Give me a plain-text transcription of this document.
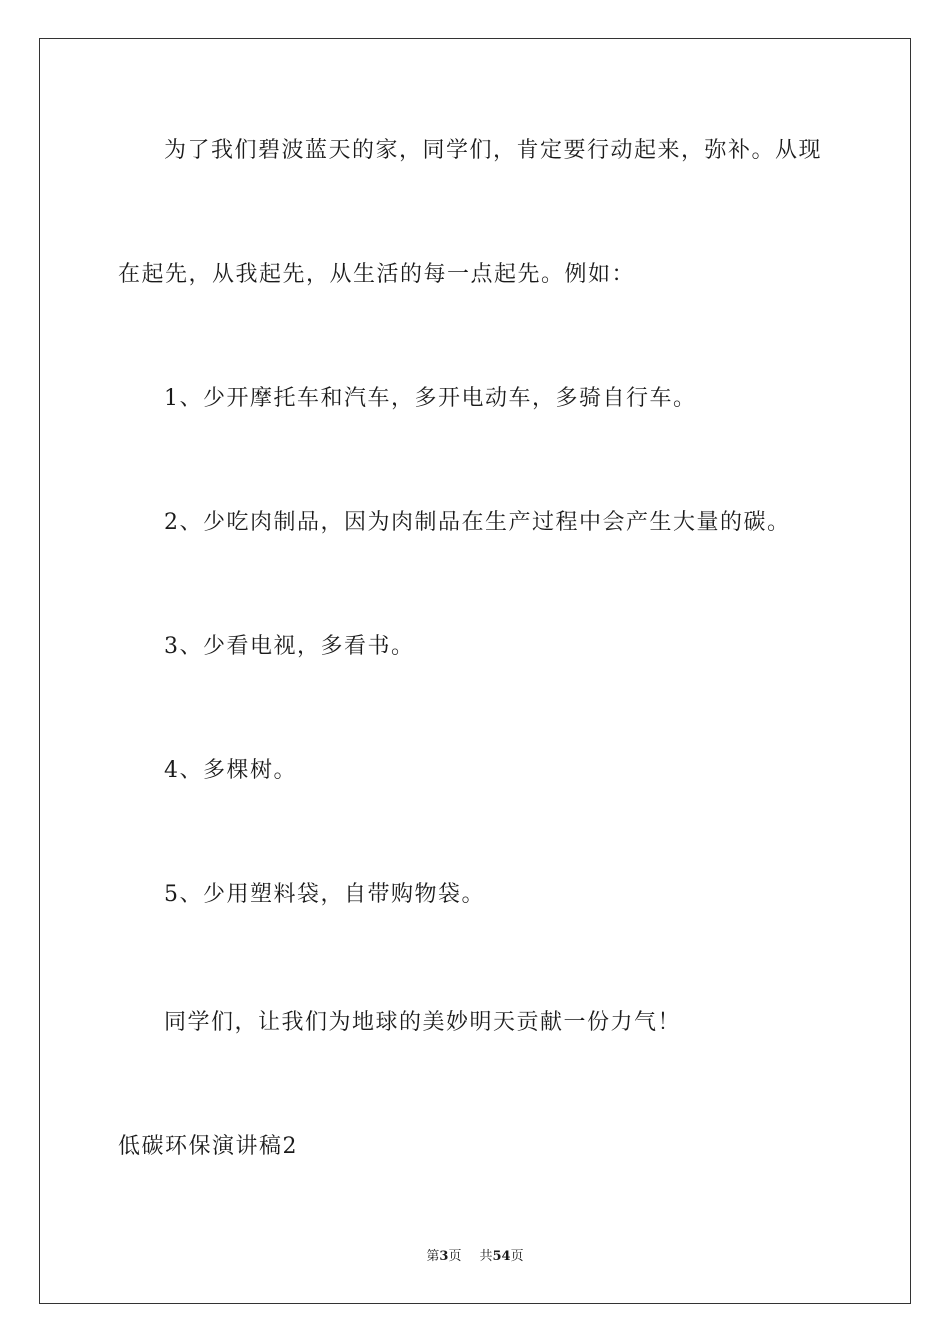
为了我们碧波蓝天的家，同学们，肯定要行动起来，弥补。从现
在起先，从我起先，从生活的每一点起先。例如：
1、少开摩托车和汽车，多开电动车，多骑自行车。
2、少吃肉制品，因为肉制品在生产过程中会产生大量的碳。
3、少看电视，多看书。
4、多棵树。
5、少用塑料袋，自带购物袋。
同学们，让我们为地球的美妙明天贡献一份力气！
低碳环保演讲稿2
第3页 共54页
